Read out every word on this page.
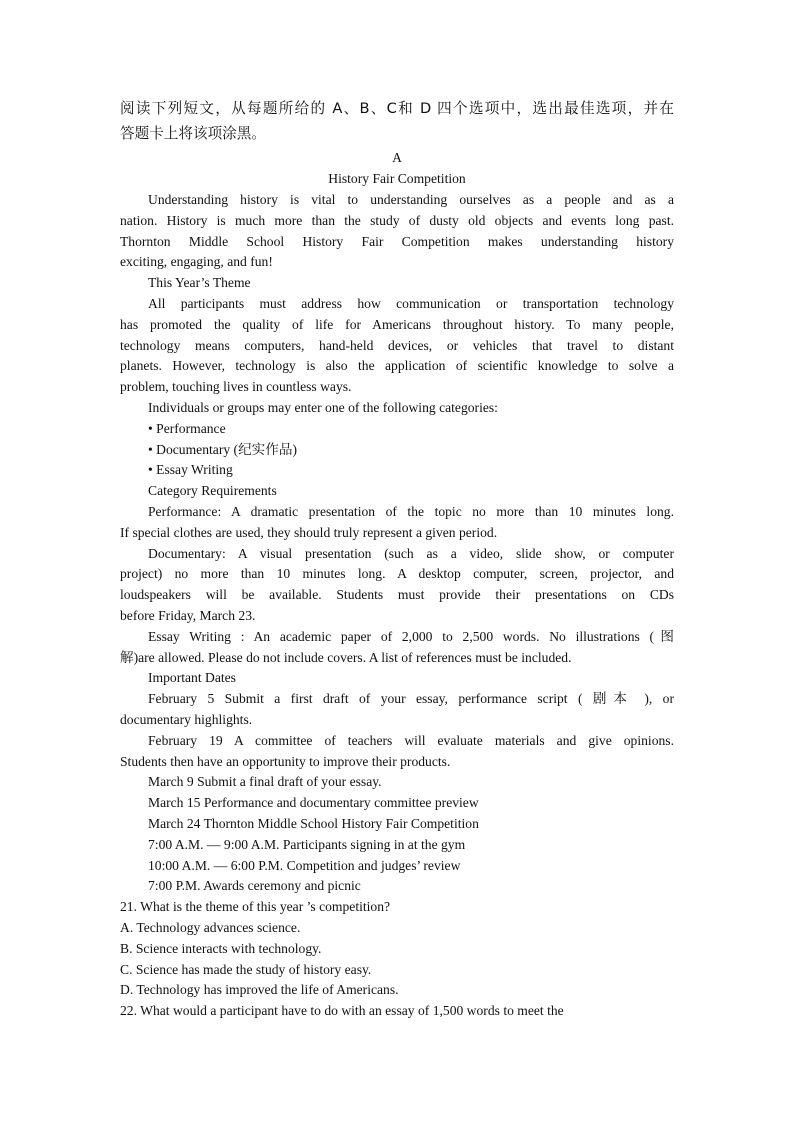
阅读下列短文，从每题所给的 A、B、C和 D 四个选项中，选出最佳选项，并在
答题卡上将该项涂黑。
A
History Fair Competition
Understanding history is vital to understanding ourselves as a people and as a
nation. History is much more than the study of dusty old objects and events long past.
Thornton Middle School History Fair Competition makes understanding history
exciting, engaging, and fun!
This Year’s Theme
All participants must address how communication or transportation technology
has promoted the quality of life for Americans throughout history. To many people,
technology means computers, hand-held devices, or vehicles that travel to distant
planets. However, technology is also the application of scientific knowledge to solve a
problem, touching lives in countless ways.
Individuals or groups may enter one of the following categories:
• Performance
• Documentary (纪实作品)
• Essay Writing
Category Requirements
Performance: A dramatic presentation of the topic no more than 10 minutes long.
If special clothes are used, they should truly represent a given period.
Documentary: A visual presentation (such as a video, slide show, or computer
project) no more than 10 minutes long. A desktop computer, screen, projector, and
loudspeakers will be available. Students must provide their presentations on CDs
before Friday, March 23.
Essay Writing : An academic paper of 2,000 to 2,500 words. No illustrations (图
解)are allowed. Please do not include covers. A list of references must be included.
Important Dates
February 5 Submit a first draft of your essay, performance script ( 剧本 ), or
documentary highlights.
February 19 A committee of teachers will evaluate materials and give opinions.
Students then have an opportunity to improve their products.
March 9 Submit a final draft of your essay.
March 15 Performance and documentary committee preview
March 24 Thornton Middle School History Fair Competition
7:00 A.M. — 9:00 A.M. Participants signing in at the gym
10:00 A.M. — 6:00 P.M. Competition and judges’ review
7:00 P.M. Awards ceremony and picnic
21. What is the theme of this year ’s competition?
A. Technology advances science.
B. Science interacts with technology.
C. Science has made the study of history easy.
D. Technology has improved the life of Americans.
22. What would a participant have to do with an essay of 1,500 words to meet the
